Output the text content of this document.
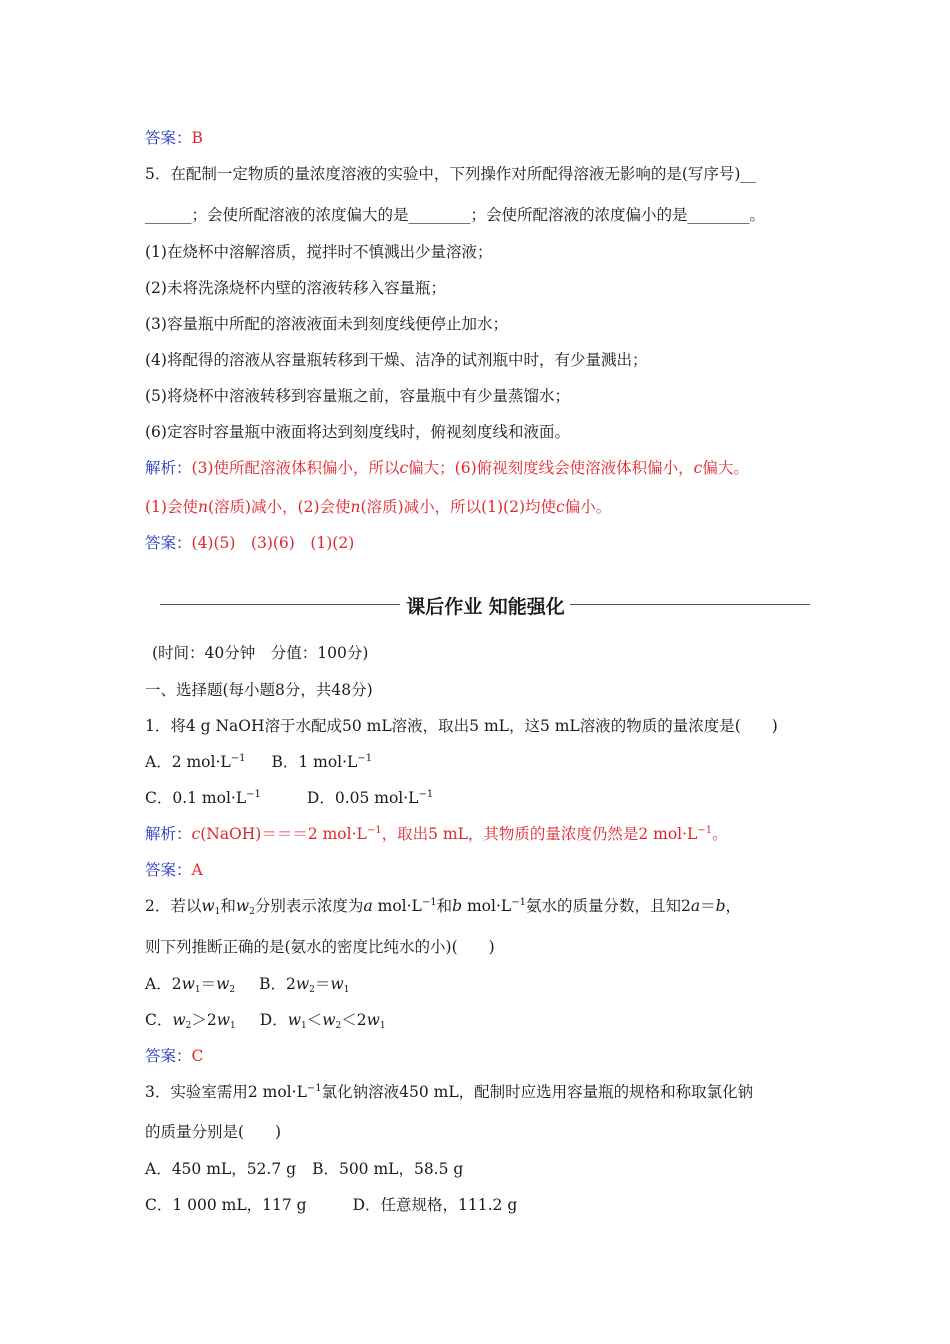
答案：B
5．在配制一定物质的量浓度溶液的实验中，下列操作对所配得溶液无影响的是(写序号)__
______；会使所配溶液的浓度偏大的是________；会使所配溶液的浓度偏小的是________。
(1)在烧杯中溶解溶质，搅拌时不慎溅出少量溶液；
(2)未将洗涤烧杯内壁的溶液转移入容量瓶；
(3)容量瓶中所配的溶液液面未到刻度线便停止加水；
(4)将配得的溶液从容量瓶转移到干燥、洁净的试剂瓶中时，有少量溅出；
(5)将烧杯中溶液转移到容量瓶之前，容量瓶中有少量蒸馏水；
(6)定容时容量瓶中液面将达到刻度线时，俯视刻度线和液面。
解析：(3)使所配溶液体积偏小，所以c偏大；(6)俯视刻度线会使溶液体积偏小，c偏大。
(1)会使n(溶质)减小，(2)会使n(溶质)减小，所以(1)(2)均使c偏小。
答案：(4)(5)　(3)(6)　(1)(2)
课后作业 知能强化
(时间：40分钟　分值：100分)
一、选择题(每小题8分，共48分)
1．将4 g NaOH溶于水配成50 mL溶液，取出5 mL，这5 mL溶液的物质的量浓度是(　　)
A．2 $mol\cdot L^{-1}$ B．1 $mol\cdot L^{-1}$
C．0.1 $mol\cdot L^{-1}$	D．0.05 $mol\cdot L^{-1}$
解析：c(NaOH)＝＝＝2 $mol\cdot L^{-1}$，取出5 mL，其物质的量浓度仍然是2 $mol\cdot L^{-1}$。
答案：A
2．若以$w_1$和$w_2$分别表示浓度为a $mol\cdot L^{-1}$和b $mol\cdot L^{-1}$氨水的质量分数，且知2a＝b，
则下列推断正确的是(氨水的密度比纯水的小)(　　)
A．$2w_1=w_2$ B．$2w_2=w_1$
C．$w_2>2w_1$ D．$w_1<w_2<2w_1$
答案：C
3．实验室需用2 $mol\cdot L^{-1}$氯化钠溶液450 mL，配制时应选用容量瓶的规格和称取氯化钠
的质量分别是(　　)
A．450 mL，52.7 g B．500 mL，58.5 g
C．1 000 mL，117 g	D．任意规格，111.2 g
